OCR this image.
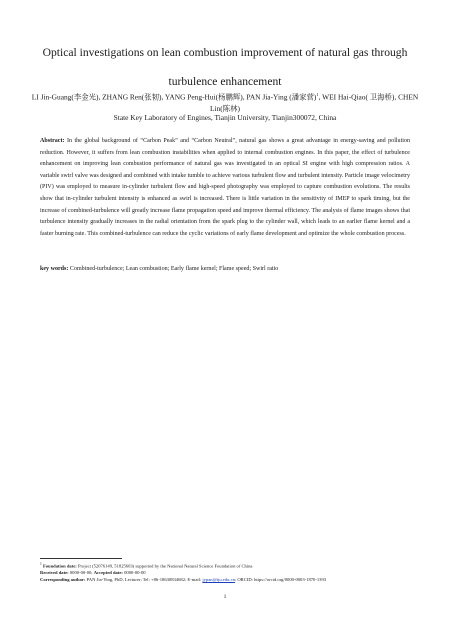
Optical investigations on lean combustion improvement of natural gas through turbulence enhancement
LI Jin-Guang(李金光), ZHANG Ren(张韧), YANG Peng-Hui(杨鹏辉), PAN Jia-Ying (潘家营)$^1$, WEI Hai-Qiao( 卫海桥), CHEN Lin(陈林)
State Key Laboratory of Engines, Tianjin University, Tianjin300072, China

Abstract: In the global background of “Carbon Peak” and “Carbon Neutral”, natural gas shows a great advantage in energy-saving and pollution reduction. However, it suffers from lean combustion instabilities when applied to internal combustion engines. In this paper, the effect of turbulence enhancement on improving lean combustion performance of natural gas was investigated in an optical SI engine with high compression ratios. A variable swirl valve was designed and combined with intake tumble to achieve various turbulent flow and turbulent intensity. Particle image velocimetry (PIV) was employed to measure in-cylinder turbulent flow and high-speed photography was employed to capture combustion evolutions. The results show that in-cylinder turbulent intensity is enhanced as swirl is increased. There is little variation in the sensitivity of IMEP to spark timing, but the increase of combined-turbulence will greatly increase flame propagation speed and improve thermal efficiency. The analysis of flame images shows that turbulence intensity gradually increases in the radial orientation from the spark plug to the cylinder wall, which leads to an earlier flame kernel and a faster burning rate. This combined-turbulence can reduce the cyclic variations of early flame development and optimize the whole combustion process.

key words: Combined-turbulence; Lean combustion; Early flame kernel; Flame speed; Swirl ratio

$^1$ Foundation date: Project (52076149, 51825603) supported by the National Natural Science Foundation of China
Received date: 0000-00-00; Accepted date: 0000-00-00
Corresponding author: PAN Jia-Ying, PhD, Lecturer; Tel: +86-18630834682; E-mail: jypan@tju.edu.cn; ORCID: https://orcid.org/0000-0003-1870-1393

1
